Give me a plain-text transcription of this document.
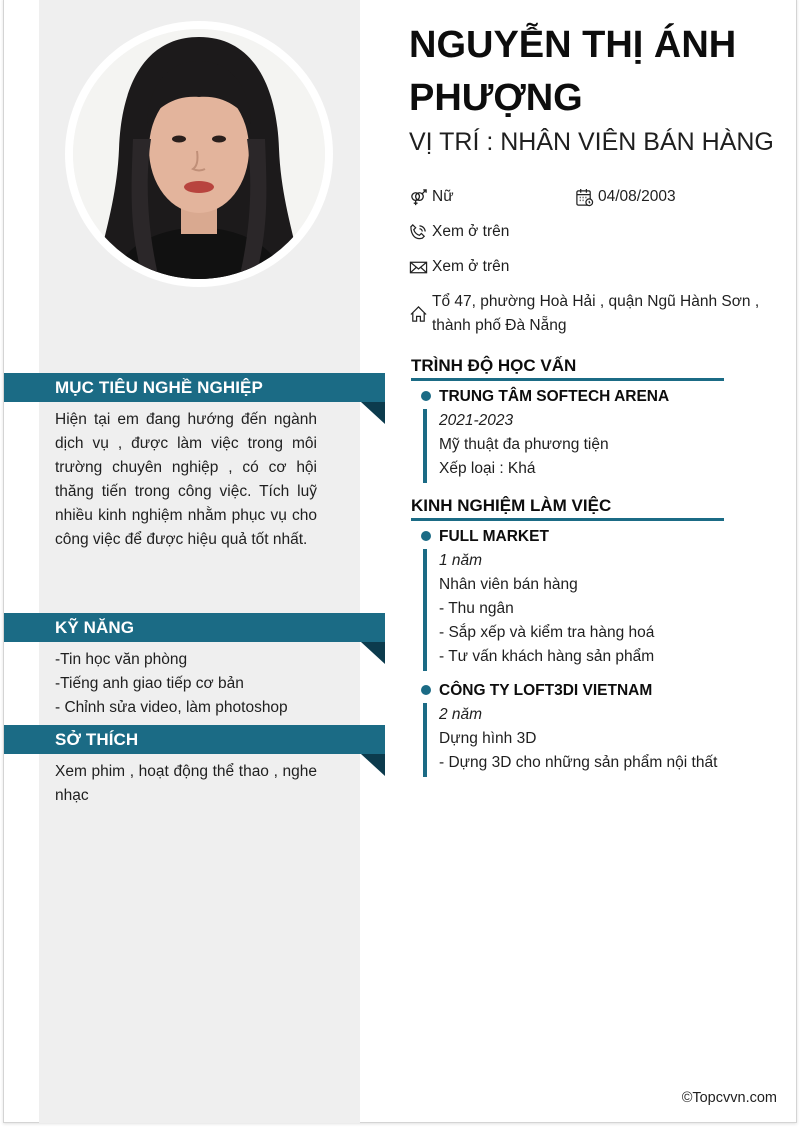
MỤC TIÊU NGHỀ NGHIỆP
Hiện tại em đang hướng đến ngành dịch vụ , được làm việc trong môi trường chuyên nghiệp , có cơ hội thăng tiến trong công việc. Tích luỹ nhiều kinh nghiệm nhằm phục vụ cho công việc để được hiệu quả tốt nhất.
KỸ NĂNG
-Tin học văn phòng
-Tiếng anh giao tiếp cơ bản
- Chỉnh sửa video, làm photoshop
SỞ THÍCH
Xem phim , hoạt động thể thao , nghe nhạc
NGUYỄN THỊ ÁNH PHƯỢNG
VỊ TRÍ : NHÂN VIÊN BÁN HÀNG
Nữ	04/08/2003
Xem ở trên
Xem ở trên
Tổ 47, phường Hoà Hải , quận Ngũ Hành Sơn ,
thành phố Đà Nẵng
TRÌNH ĐỘ HỌC VẤN
TRUNG TÂM SOFTECH ARENA
2021-2023
Mỹ thuật đa phương tiện
Xếp loại : Khá
KINH NGHIỆM LÀM VIỆC
FULL MARKET
1 năm
Nhân viên bán hàng
- Thu ngân
- Sắp xếp và kiểm tra hàng hoá
- Tư vấn khách hàng sản phẩm
CÔNG TY LOFT3DI VIETNAM
2 năm
Dựng hình 3D
- Dựng 3D cho những sản phẩm nội thất
©Topcvvn.com
